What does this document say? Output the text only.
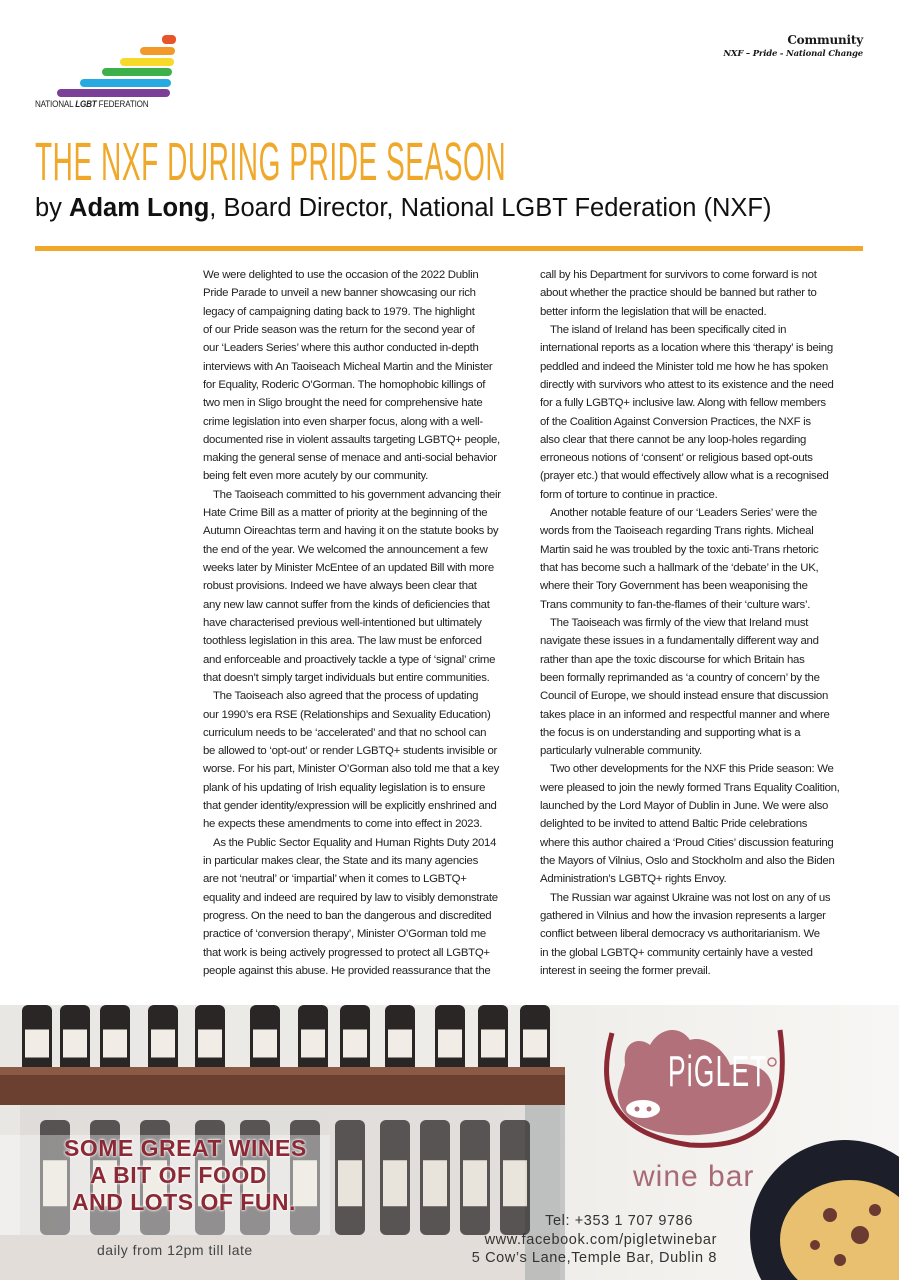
NATIONAL LGBT FEDERATION
Community
NXF – Pride - National Change
THE NXF DURING PRIDE SEASON
by Adam Long, Board Director, National LGBT Federation (NXF)
We were delighted to use the occasion of the 2022 Dublin
Pride Parade to unveil a new banner showcasing our rich
legacy of campaigning dating back to 1979. The highlight
of our Pride season was the return for the second year of
our ‘Leaders Series’ where this author conducted in-depth
interviews with An Taoiseach Micheal Martin and the Minister
for Equality, Roderic O’Gorman. The homophobic killings of
two men in Sligo brought the need for comprehensive hate
crime legislation into even sharper focus, along with a well-
documented rise in violent assaults targeting LGBTQ+ people,
making the general sense of menace and anti-social behavior
being felt even more acutely by our community.
The Taoiseach committed to his government advancing their
Hate Crime Bill as a matter of priority at the beginning of the
Autumn Oireachtas term and having it on the statute books by
the end of the year. We welcomed the announcement a few
weeks later by Minister McEntee of an updated Bill with more
robust provisions. Indeed we have always been clear that
any new law cannot suffer from the kinds of deficiencies that
have characterised previous well-intentioned but ultimately
toothless legislation in this area. The law must be enforced
and enforceable and proactively tackle a type of ‘signal’ crime
that doesn’t simply target individuals but entire communities.
The Taoiseach also agreed that the process of updating
our 1990’s era RSE (Relationships and Sexuality Education)
curriculum needs to be ‘accelerated’ and that no school can
be allowed to ‘opt-out’ or render LGBTQ+ students invisible or
worse. For his part, Minister O’Gorman also told me that a key
plank of his updating of Irish equality legislation is to ensure
that gender identity/expression will be explicitly enshrined and
he expects these amendments to come into effect in 2023.
As the Public Sector Equality and Human Rights Duty 2014
in particular makes clear, the State and its many agencies
are not ‘neutral’ or ‘impartial’ when it comes to LGBTQ+
equality and indeed are required by law to visibly demonstrate
progress. On the need to ban the dangerous and discredited
practice of ‘conversion therapy’, Minister O’Gorman told me
that work is being actively progressed to protect all LGBTQ+
people against this abuse. He provided reassurance that the
call by his Department for survivors to come forward is not
about whether the practice should be banned but rather to
better inform the legislation that will be enacted.
The island of Ireland has been specifically cited in
international reports as a location where this ‘therapy’ is being
peddled and indeed the Minister told me how he has spoken
directly with survivors who attest to its existence and the need
for a fully LGBTQ+ inclusive law. Along with fellow members
of the Coalition Against Conversion Practices, the NXF is
also clear that there cannot be any loop-holes regarding
erroneous notions of ‘consent’ or religious based opt-outs
(prayer etc.) that would effectively allow what is a recognised
form of torture to continue in practice.
Another notable feature of our ‘Leaders Series’ were the
words from the Taoiseach regarding Trans rights. Micheal
Martin said he was troubled by the toxic anti-Trans rhetoric
that has become such a hallmark of the ‘debate’ in the UK,
where their Tory Government has been weaponising the
Trans community to fan-the-flames of their ‘culture wars’.
The Taoiseach was firmly of the view that Ireland must
navigate these issues in a fundamentally different way and
rather than ape the toxic discourse for which Britain has
been formally reprimanded as ‘a country of concern’ by the
Council of Europe, we should instead ensure that discussion
takes place in an informed and respectful manner and where
the focus is on understanding and supporting what is a
particularly vulnerable community.
Two other developments for the NXF this Pride season: We
were pleased to join the newly formed Trans Equality Coalition,
launched by the Lord Mayor of Dublin in June. We were also
delighted to be invited to attend Baltic Pride celebrations
where this author chaired a ‘Proud Cities’ discussion featuring
the Mayors of Vilnius, Oslo and Stockholm and also the Biden
Administration’s LGBTQ+ rights Envoy.
The Russian war against Ukraine was not lost on any of us
gathered in Vilnius and how the invasion represents a larger
conflict between liberal democracy vs authoritarianism. We
in the global LGBTQ+ community certainly have a vested
interest in seeing the former prevail.
PiGLET
wine bar
SOME GREAT WINES
A BIT OF FOOD
AND LOTS OF FUN.
daily from 12pm till late
Tel: +353 1 707 9786
www.facebook.com/pigletwinebar
5 Cow’s Lane,Temple Bar, Dublin 8
